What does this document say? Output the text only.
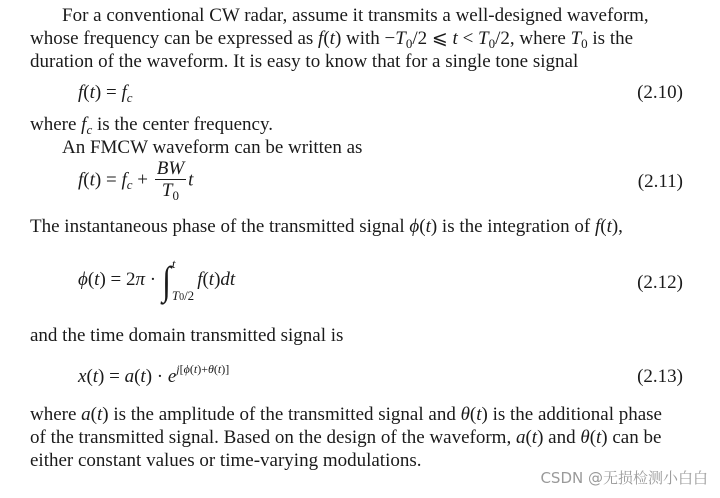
For a conventional CW radar, assume it transmits a well-designed waveform,
whose frequency can be expressed as f(t) with $-T_0/2$ ⩽ $t < T_0/2$, where $T_0$ is the
duration of the waveform. It is easy to know that for a single tone signal
$f(t) = f_c$	(2.10)
where $f_c$ is the center frequency.
An FMCW waveform can be written as
$f(t) = f_c + \frac{BW}{T_0}$ t	(2.11)
The instantaneous phase of the transmitted signal ϕ(t) is the integration of f(t),
ϕ(t) = 2π · ∫t

T0/2f(t)dt	(2.12)
and the time domain transmitted signal is
$x(t) = a(t) \cdot e^{j[\phi(t)+\theta(t)]}$	(2.13)
where a(t) is the amplitude of the transmitted signal and θ(t) is the additional phase
of the transmitted signal. Based on the design of the waveform, a(t) and θ(t) can be
either constant values or time-varying modulations.
CSDN @无损检测小白白
